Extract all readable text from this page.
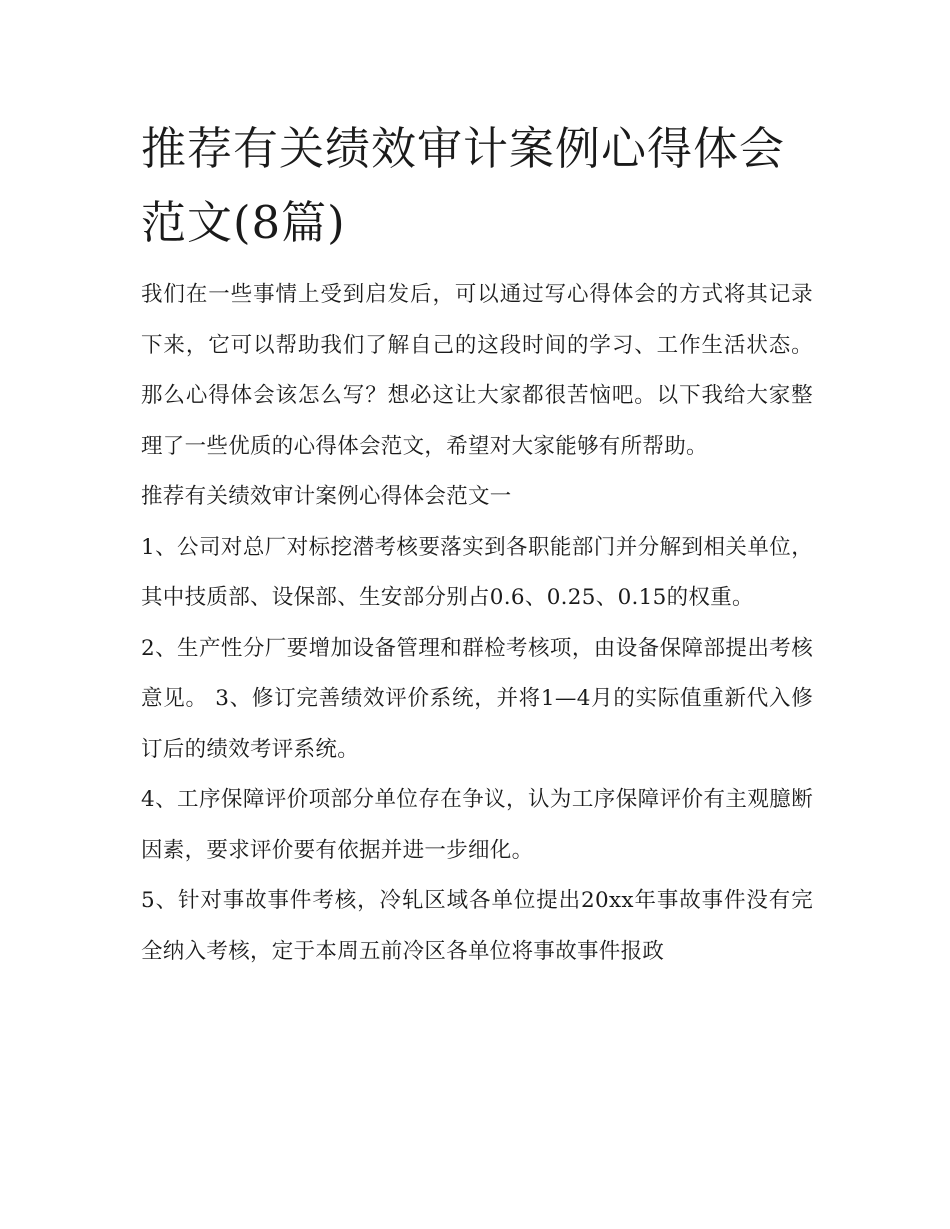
推荐有关绩效审计案例心得体会范文(8篇)

我们在一些事情上受到启发后，可以通过写心得体会的方式将其记录下来，它可以帮助我们了解自己的这段时间的学习、工作生活状态。那么心得体会该怎么写？想必这让大家都很苦恼吧。以下我给大家整理了一些优质的心得体会范文，希望对大家能够有所帮助。

推荐有关绩效审计案例心得体会范文一

1、公司对总厂对标挖潜考核要落实到各职能部门并分解到相关单位，其中技质部、设保部、生安部分别占0.6、0.25、0.15的权重。

2、生产性分厂要增加设备管理和群检考核项，由设备保障部提出考核意见。 3、修订完善绩效评价系统，并将1—4月的实际值重新代入修订后的绩效考评系统。

4、工序保障评价项部分单位存在争议，认为工序保障评价有主观臆断因素，要求评价要有依据并进一步细化。

5、针对事故事件考核，冷轧区域各单位提出20xx年事故事件没有完全纳入考核，定于本周五前冷区各单位将事故事件报政
